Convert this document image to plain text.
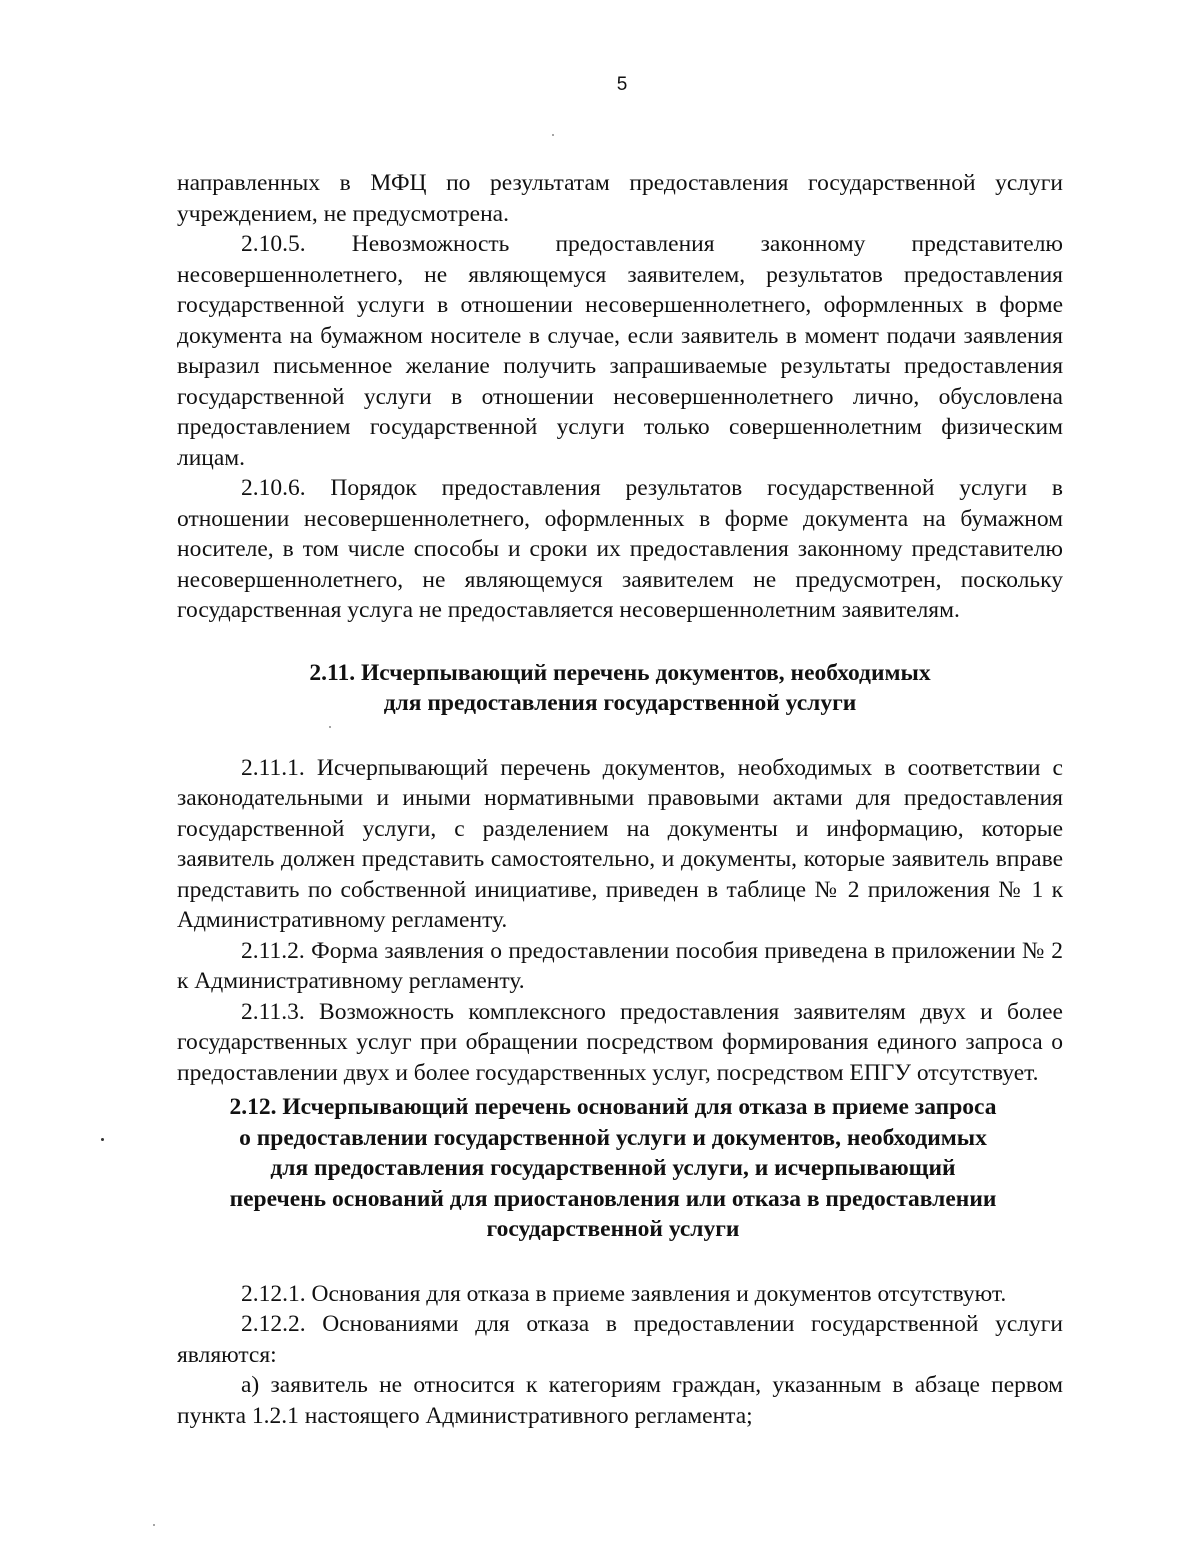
5

направленных в МФЦ по результатам предоставления государственной услуги учреждением, не предусмотрена.

2.10.5. Невозможность предоставления законному представителю несовершеннолетнего, не являющемуся заявителем, результатов предоставления государственной услуги в отношении несовершеннолетнего, оформленных в форме документа на бумажном носителе в случае, если заявитель в момент подачи заявления выразил письменное желание получить запрашиваемые результаты предоставления государственной услуги в отношении несовершеннолетнего лично, обусловлена предоставлением государственной услуги только совершеннолетним физическим лицам.

2.10.6. Порядок предоставления результатов государственной услуги в отношении несовершеннолетнего, оформленных в форме документа на бумажном носителе, в том числе способы и сроки их предоставления законному представителю несовершеннолетнего, не являющемуся заявителем не предусмотрен, поскольку государственная услуга не предоставляется несовершеннолетним заявителям.

2.11. Исчерпывающий перечень документов, необходимых
для предоставления государственной услуги

2.11.1. Исчерпывающий перечень документов, необходимых в соответствии с законодательными и иными нормативными правовыми актами для предоставления государственной услуги, с разделением на документы и информацию, которые заявитель должен представить самостоятельно, и документы, которые заявитель вправе представить по собственной инициативе, приведен в таблице № 2 приложения № 1 к Административному регламенту.

2.11.2. Форма заявления о предоставлении пособия приведена в приложении № 2 к Административному регламенту.

2.11.3. Возможность комплексного предоставления заявителям двух и более государственных услуг при обращении посредством формирования единого запроса о предоставлении двух и более государственных услуг, посредством ЕПГУ отсутствует.

2.12. Исчерпывающий перечень оснований для отказа в приеме запроса
о предоставлении государственной услуги и документов, необходимых
для предоставления государственной услуги, и исчерпывающий
перечень оснований для приостановления или отказа в предоставлении
государственной услуги

2.12.1. Основания для отказа в приеме заявления и документов отсутствуют.

2.12.2. Основаниями для отказа в предоставлении государственной услуги являются:

а) заявитель не относится к категориям граждан, указанным в абзаце первом пункта 1.2.1 настоящего Административного регламента;
